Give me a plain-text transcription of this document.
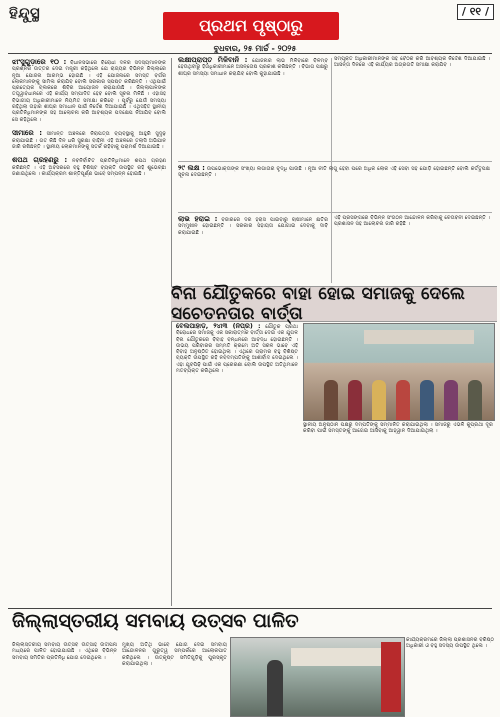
ହିନ୍ଦୁସ୍ଥ
ପ୍ରଥମ ପୃଷ୍ଠାରୁ
ବୁଧବାର, ୨୫ ମାର୍ଚ୍ଚ - ୨୦୨୫
/ ୧୧ /
ଝାଂସୁଗୁଡ଼ାରେ ୧୦ : ବିଧାନସଭାରେ ବିରୋଧୀ ଦଳର ସଦସ୍ୟମାନଙ୍କ ପ୍ରଶ୍ନର ଉତ୍ତର ଦେଇ ମନ୍ତ୍ରୀ କହିଥିଲେ ଯେ ରାଜ୍ୟର ବିଭିନ୍ନ ଜିଲ୍ଲାରେ ନୂଆ ଯୋଜନା ଆରମ୍ଭ ହୋଇଛି । ଏହି ଯୋଜନାରେ ସମସ୍ତ ବର୍ଗର ଲୋକମାନଙ୍କୁ ସାମିଲ କରାଯିବ ବୋଲି ସରକାର ସ୍ପଷ୍ଟ କରିଛନ୍ତି । ଏଥିପାଇଁ ପ୍ରତ୍ୟେକ ବ୍ଲକରେ ଶିବିର ଆୟୋଜନ କରାଯାଉଛି । ଜିଲ୍ଲାପାଳଙ୍କ ତତ୍ତ୍ୱାବଧାନରେ ଏହି କାର୍ଯ୍ୟ ସମ୍ପାଦିତ ହେବ ବୋଲି ସୂଚନା ମିଳିଛି । ଏହାସହ ବିଭାଗୀୟ ଅଧିକାରୀମାନେ ନିୟମିତ ସମୀକ୍ଷା କରିବେ । ପୂର୍ବରୁ ଯେଉଁ ସମସ୍ୟା ରହିଥିଲା ତାହାର ଶୀଘ୍ର ସମାଧାନ ପାଇଁ ନିର୍ଦ୍ଦେଶ ଦିଆଯାଇଛି । ଏଥିସହିତ ସ୍ଥାନୀୟ ପ୍ରତିନିଧିମାନଙ୍କ ସହ ଆଲୋଚନା କରି ଆବଶ୍ୟକ ପଦକ୍ଷେପ ନିଆଯିବ ବୋଲି ସେ କହିଥିଲେ ।

ସୀମାରେ : ସୀମାନ୍ତ ଅଞ୍ଚଳରେ ନିରାପତ୍ତା ବ୍ୟବସ୍ଥାକୁ ଆହୁରି ସୁଦୃଢ଼ କରାଯାଇଛି । ଗତ କିଛି ଦିନ ଧରି ସୁରକ୍ଷା ବାହିନୀ ଏହି ଅଞ୍ଚଳରେ ତଲାସି ଅଭିଯାନ ଜାରି ରଖିଛନ୍ତି । ସ୍ଥାନୀୟ ଲୋକମାନଙ୍କୁ ସତର୍କ ରହିବାକୁ ପରାମର୍ଶ ଦିଆଯାଇଛି ।

ଶପଥ ଗ୍ରହଣରୁ : ନବନିର୍ବାଚିତ ପ୍ରତିନିଧିମାନେ ଶପଥ ଗ୍ରହଣ କରିଛନ୍ତି । ଏହି ଅବସରରେ ବହୁ ବିଶିଷ୍ଟ ବ୍ୟକ୍ତି ଉପସ୍ଥିତ ରହି ଶୁଭେଚ୍ଛା ଜଣାଇଥିଲେ । କାର୍ଯ୍ୟକ୍ରମ ଶାନ୍ତିପୂର୍ଣ୍ଣ ଭାବେ ସମ୍ପନ୍ନ ହୋଇଛି ।
ଲକ୍ଷୀପ୍ରାପ୍ତ ମିଳିବାନି : ଯୋଜନାର ଲାଭ ମିଳିବାରେ ବିଳମ୍ବ ହେଉଥିବାରୁ ହିତାଧିକାରୀମାନେ ଅସନ୍ତୋଷ ପ୍ରକାଶ କରିଛନ୍ତି । ବିଭାଗ ପକ୍ଷରୁ ଶୀଘ୍ର ସମସ୍ୟା ସମାଧାନ କରାଯିବ ବୋଲି କୁହାଯାଇଛି ।
ସମ୍ପୃକ୍ତ ଅଧିକାରୀମାନଙ୍କ ସହ ବୈଠକ କରି ଆବଶ୍ୟକ ନିର୍ଦ୍ଦେଶ ଦିଆଯାଇଛି । ଆସନ୍ତା ଦିନରେ ଏହି କାର୍ଯ୍ୟର ଅଗ୍ରଗତି ସମୀକ୍ଷା କରାଯିବ ।
୨୯ ଲକ୍ଷ : ଉପଭୋକ୍ତାଙ୍କ ସଂଖ୍ୟା ଲଗାତାର ବୃଦ୍ଧି ପାଉଛି । ନୂଆ ନୀତି ଲାଗୁ ହେବା ପରେ ଅଧିକ ଲୋକ ଏହି ସେବା ସହ ଯୋଡ଼ି ହୋଇଛନ୍ତି ବୋଲି କର୍ତ୍ତୃପକ୍ଷ ସୂଚନା ଦେଇଛନ୍ତି ।
ଲାଭ ହରାଇ : ବଜାରରେ ଦର ହ୍ରାସ ପାଇବାରୁ ଚାଷୀମାନେ କ୍ଷତିର ସମ୍ମୁଖୀନ ହୋଇଛନ୍ତି । ସରକାର ସହାୟତା ଯୋଗାଇ ଦେବାକୁ ଦାବି କରାଯାଇଛି ।
ଏହି ପ୍ରସଙ୍ଗରେ ବିଭିନ୍ନ ସଂଗଠନ ଆନ୍ଦୋଳନ କରିବାକୁ ଚେତାବନୀ ଦେଇଛନ୍ତି । ପ୍ରଶାସନ ସହ ଆଲୋଚନା ଜାରି ରହିଛି ।
ବିନା ଯୌତୁକରେ ବାହା ହୋଇ ସମାଜକୁ ଦେଲେ ସଚେତନତାର ବାର୍ତ୍ତା
ବେଲପାହାଡ଼, ୨୪ା୩ (ନିପ୍ର) : ଯୌତୁକ ପ୍ରଥା ବିରୋଧରେ ସମାଜକୁ ଏକ ସକାରାତ୍ମକ ବାର୍ତ୍ତା ଦେଇ ଏକ ଯୁଗଳ ବିନା ଯୌତୁକରେ ବିବାହ ବନ୍ଧନରେ ଆବଦ୍ଧ ହୋଇଛନ୍ତି । ଉଭୟ ପରିବାରର ସମ୍ମତି କ୍ରମେ ଅତି ସରଳ ଭାବେ ଏହି ବିବାହ ଅନୁଷ୍ଠିତ ହୋଇଥିଲା । ଏଥିରେ ଗ୍ରାମର ବହୁ ବିଶିଷ୍ଟ ବ୍ୟକ୍ତି ଉପସ୍ଥିତ ରହି ନବଦମ୍ପତିଙ୍କୁ ଆଶୀର୍ବାଦ ଦେଇଥିଲେ । ଏହା ଯୁବପିଢ଼ି ପାଇଁ ଏକ ପ୍ରେରଣା ବୋଲି ଉପସ୍ଥିତ ଅତିଥିମାନେ ମତବ୍ୟକ୍ତ କରିଥିଲେ ।
ସ୍ଥାନୀୟ ଅନୁଷ୍ଠାନ ପକ୍ଷରୁ ଦମ୍ପତିଙ୍କୁ ସମ୍ମାନିତ କରାଯାଇଥିଲା । ସମାଜରୁ ଏଭଳି କୁପ୍ରଥା ଦୂର କରିବା ପାଇଁ ସମସ୍ତଙ୍କୁ ଆଗେଇ ଆସିବାକୁ ଆହ୍ୱାନ ଦିଆଯାଇଥିଲା ।
ଜିଲ୍ଲାସ୍ତରୀୟ ସମବାୟ ଉତ୍ସବ ପାଳିତ
ଜିଲ୍ଲାସ୍ତରୀୟ ସମବାୟ ଉତ୍ସବ ଉତ୍ସାହ ଉଦ୍ଦୀପନା ମଧ୍ୟରେ ପାଳିତ ହୋଇଯାଇଛି । ଏଥିରେ ବିଭିନ୍ନ ସମବାୟ ସମିତିର ପ୍ରତିନିଧି ଯୋଗ ଦେଇଥିଲେ ।
ମୁଖ୍ୟ ଅତିଥି ଭାବେ ଯୋଗ ଦେଇ ସମବାୟ ଆନ୍ଦୋଳନର ଗୁରୁତ୍ୱ ସମ୍ପର୍କରେ ଆଲୋକପାତ କରିଥିଲେ । ଉତ୍କୃଷ୍ଟ ସମିତିଗୁଡ଼ିକୁ ପୁରସ୍କୃତ କରାଯାଇଥିଲା ।
କାର୍ଯ୍ୟକ୍ରମରେ ଜିଲ୍ଲା ପ୍ରଶାସନର ବରିଷ୍ଠ ଅଧିକାରୀ ଓ ବହୁ ସଦସ୍ୟ ଉପସ୍ଥିତ ଥିଲେ ।
